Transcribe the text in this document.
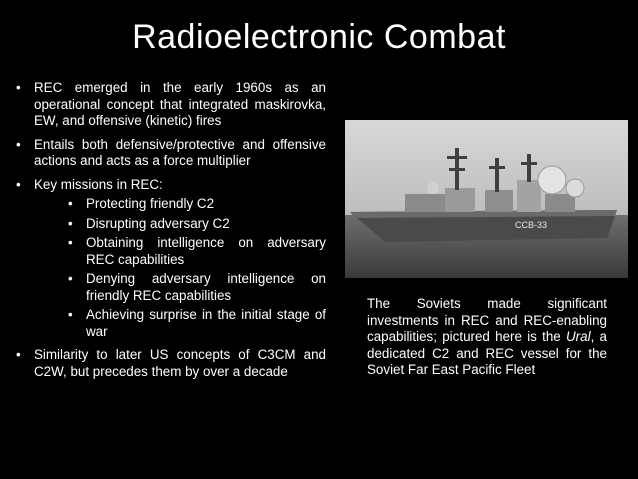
Radioelectronic Combat
• REC emerged in the early 1960s as an operational concept that integrated maskirovka, EW, and offensive (kinetic) fires
• Entails both defensive/protective and offensive actions and acts as a force multiplier
• Key missions in REC:
• Protecting friendly C2
• Disrupting adversary C2
• Obtaining intelligence on adversary REC capabilities
• Denying adversary intelligence on friendly REC capabilities
• Achieving surprise in the initial stage of war
• Similarity to later US concepts of C3CM and C2W, but precedes them by over a decade
ССВ-33
The Soviets made significant investments in REC and REC-enabling capabilities; pictured here is the Ural, a dedicated C2 and REC vessel for the Soviet Far East Pacific Fleet
